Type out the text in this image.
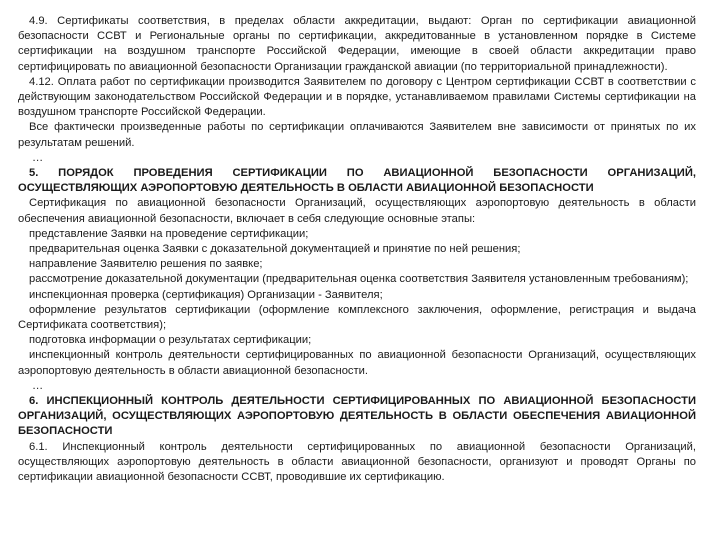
4.9. Сертификаты соответствия, в пределах области аккредитации, выдают: Орган по сертификации авиационной безопасности ССВТ и Региональные органы по сертификации, аккредитованные в установленном порядке в Системе сертификации на воздушном транспорте Российской Федерации, имеющие в своей области аккредитации право сертифицировать по авиационной безопасности Организации гражданской авиации (по территориальной принадлежности).

4.12. Оплата работ по сертификации производится Заявителем по договору с Центром сертификации ССВТ в соответствии с действующим законодательством Российской Федерации и в порядке, устанавливаемом правилами Системы сертификации на воздушном транспорте Российской Федерации.

Все фактически произведенные работы по сертификации оплачиваются Заявителем вне зависимости от принятых по их результатам решений.

…

5. ПОРЯДОК ПРОВЕДЕНИЯ СЕРТИФИКАЦИИ ПО АВИАЦИОННОЙ БЕЗОПАСНОСТИ ОРГАНИЗАЦИЙ, ОСУЩЕСТВЛЯЮЩИХ АЭРОПОРТОВУЮ ДЕЯТЕЛЬНОСТЬ В ОБЛАСТИ АВИАЦИОННОЙ БЕЗОПАСНОСТИ

Сертификация по авиационной безопасности Организаций, осуществляющих аэропортовую деятельность в области обеспечения авиационной безопасности, включает в себя следующие основные этапы:

представление Заявки на проведение сертификации;

предварительная оценка Заявки с доказательной документацией и принятие по ней решения;

направление Заявителю решения по заявке;

рассмотрение доказательной документации (предварительная оценка соответствия Заявителя установленным требованиям);

инспекционная проверка (сертификация) Организации - Заявителя;

оформление результатов сертификации (оформление комплексного заключения, оформление, регистрация и выдача Сертификата соответствия);

подготовка информации о результатах сертификации;

инспекционный контроль деятельности сертифицированных по авиационной безопасности Организаций, осуществляющих аэропортовую деятельность в области авиационной безопасности.

…

6. ИНСПЕКЦИОННЫЙ КОНТРОЛЬ ДЕЯТЕЛЬНОСТИ СЕРТИФИЦИРОВАННЫХ ПО АВИАЦИОННОЙ БЕЗОПАСНОСТИ ОРГАНИЗАЦИЙ, ОСУЩЕСТВЛЯЮЩИХ АЭРОПОРТОВУЮ ДЕЯТЕЛЬНОСТЬ В ОБЛАСТИ ОБЕСПЕЧЕНИЯ АВИАЦИОННОЙ БЕЗОПАСНОСТИ

6.1. Инспекционный контроль деятельности сертифицированных по авиационной безопасности Организаций, осуществляющих аэропортовую деятельность в области авиационной безопасности, организуют и проводят Органы по сертификации авиационной безопасности ССВТ, проводившие их сертификацию.
